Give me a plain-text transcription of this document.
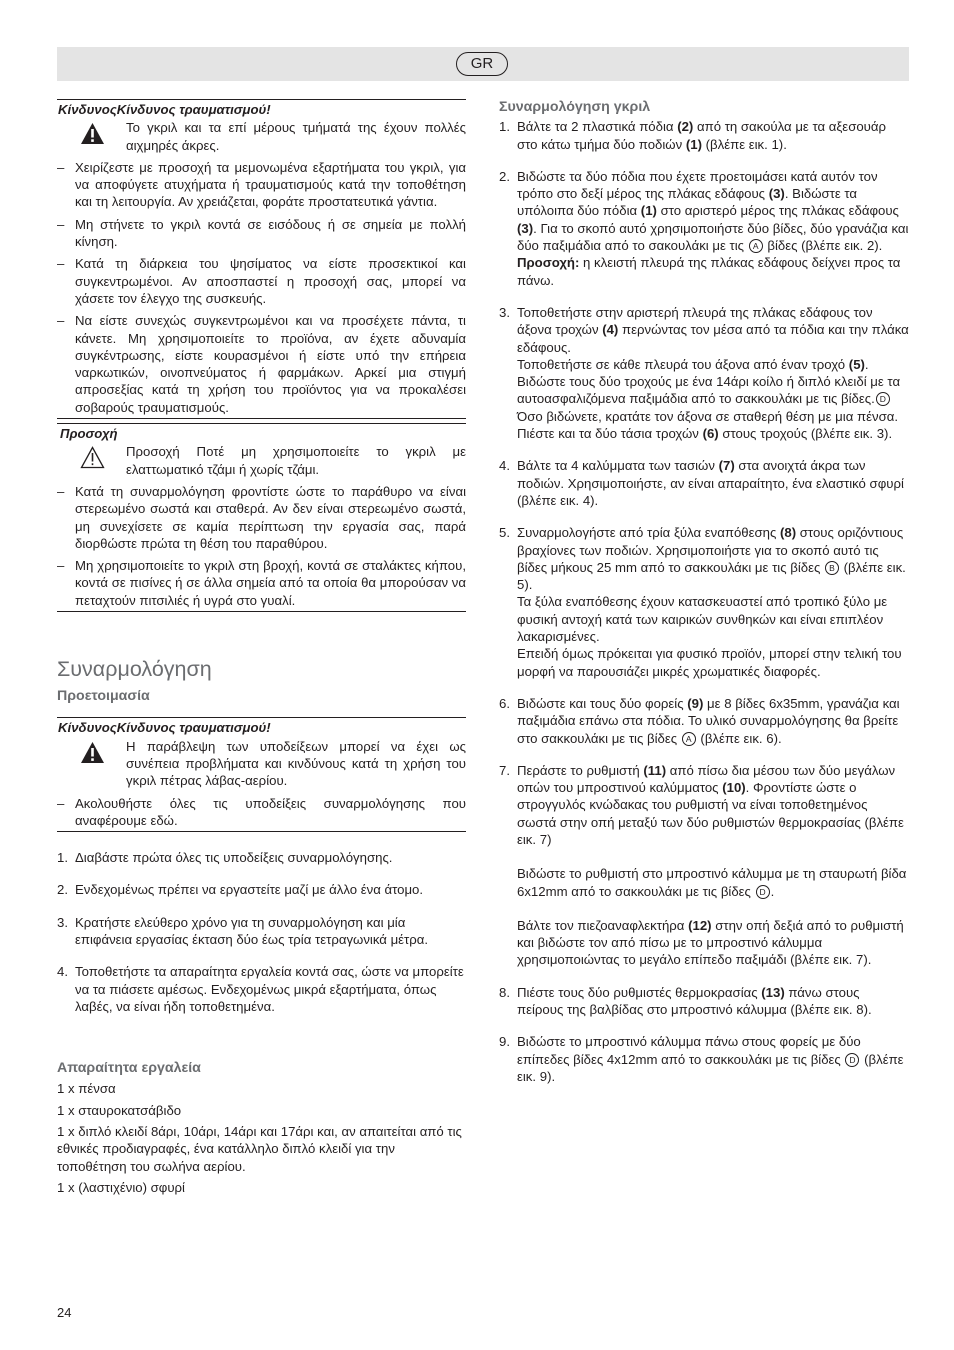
GR
ΚίνδυνοςΚίνδυνος τραυματισμού!
Το γκριλ και τα επί μέρους τμήματά της έχουν πολλές αιχμηρές άκρες.
– Χειρίζεστε με προσοχή τα μεμονωμένα εξαρτήματα του γκριλ, για να αποφύγετε ατυχήματα ή τραυματισμούς κατά την τοποθέτηση και τη λειτουργία. Αν χρειάζεται, φοράτε προστατευτικά γάντια.
– Μη στήνετε το γκριλ κοντά σε εισόδους ή σε σημεία με πολλή κίνηση.
– Κατά τη διάρκεια του ψησίματος να είστε προσεκτικοί και συγκεντρωμένοι. Αν αποσπαστεί η προσοχή σας, μπορεί να χάσετε τον έλεγχο της συσκευής.
– Να είστε συνεχώς συγκεντρωμένοι και να προσέχετε πάντα, τι κάνετε. Μη χρησιμοποιείτε το προϊόνα, αν έχετε αδυναμία συγκέντρωσης, είστε κουρασμένοι ή είστε υπό την επήρεια ναρκωτικών, οινοπνεύματος ή φαρμάκων. Αρκεί μια στιγμή απροσεξίας κατά τη χρήση του προϊόντος για να προκαλέσει σοβαρούς τραυματισμούς.
Προσοχή
Προσοχή Ποτέ μη χρησιμοποιείτε το γκριλ με ελαττωματικό τζάμι ή χωρίς τζάμι.
– Κατά τη συναρμολόγηση φροντίστε ώστε το παράθυρο να είναι στερεωμένο σωστά και σταθερά. Αν δεν είναι στερεωμένο σωστά, μη συνεχίσετε σε καμία περίπτωση την εργασία σας, παρά διορθώστε πρώτα τη θέση του παραθύρου.
– Μη χρησιμοποιείτε το γκριλ στη βροχή, κοντά σε σταλάκτες κήπου, κοντά σε πισίνες ή σε άλλα σημεία από τα οποία θα μπορούσαν να πεταχτούν πιτσιλιές ή υγρά στο γυαλί.
Συναρμολόγηση
Προετοιμασία
ΚίνδυνοςΚίνδυνος τραυματισμού!
Η παράβλεψη των υποδείξεων μπορεί να έχει ως συνέπεια προβλήματα και κινδύνους κατά τη χρήση του γκριλ πέτρας λάβας-αερίου.
– Ακολουθήστε όλες τις υποδείξεις συναρμολόγησης που αναφέρουμε εδώ.
1. Διαβάστε πρώτα όλες τις υποδείξεις συναρμολόγησης.
2. Ενδεχομένως πρέπει να εργαστείτε μαζί με άλλο ένα άτομο.
3. Κρατήστε ελεύθερο χρόνο για τη συναρμολόγηση και μία επιφάνεια εργασίας έκταση δύο έως τρία τετραγωνικά μέτρα.
4. Τοποθετήστε τα απαραίτητα εργαλεία κοντά σας, ώστε να μπορείτε να τα πιάσετε αμέσως. Ενδεχομένως μικρά εξαρτήματα, όπως λαβές, να είναι ήδη τοποθετημένα.
Απαραίτητα εργαλεία

1 x πένσα

1 x σταυροκατσάβιδο

1 x διπλό κλειδί 8άρι, 10άρι, 14άρι και 17άρι και, αν απαιτείται από τις εθνικές προδιαγραφές, ένα κατάλληλο διπλό κλειδί για την τοποθέτηση του σωλήνα αερίου.

1 x (λαστιχένιο) σφυρί

Συναρμολόγηση γκριλ
1. Βάλτε τα 2 πλαστικά πόδια (2) από τη σακούλα με τα αξεσουάρ στο κάτω τμήμα δύο ποδιών (1) (βλέπε εικ. 1).

2. Βιδώστε τα δύο πόδια που έχετε προετοιμάσει κατά αυτόν τον τρόπο στο δεξί μέρος της πλάκας εδάφους (3). Βιδώστε τα υπόλοιπα δύο πόδια (1) στο αριστερό μέρος της πλάκας εδάφους (3). Για το σκοπό αυτό χρησιμοποιήστε δύο βίδες, δύο γρανάζια και δύο παξιμάδια από το σακουλάκι με τις A βίδες (βλέπε εικ. 2).

Προσοχή: η κλειστή πλευρά της πλάκας εδάφους δείχνει προς τα πάνω.

3. Τοποθετήστε στην αριστερή πλευρά της πλάκας εδάφους τον άξονα τροχών (4) περνώντας τον μέσα από τα πόδια και την πλάκα εδάφους.

Τοποθετήστε σε κάθε πλευρά του άξονα από έναν τροχό (5).

Βιδώστε τους δύο τροχούς με ένα 14άρι κοίλο ή διπλό κλειδί με τα αυτοασφαλιζόμενα παξιμάδια από το σακκουλάκι με τις βίδες. D Όσο βιδώνετε, κρατάτε τον άξονα σε σταθερή θέση με μια πένσα.

Πιέστε και τα δύο τάσια τροχών (6) στους τροχούς (βλέπε εικ. 3).

4. Βάλτε τα 4 καλύμματα των τασιών (7) στα ανοιχτά άκρα των ποδιών. Χρησιμοποιήστε, αν είναι απαραίτητο, ένα ελαστικό σφυρί (βλέπε εικ. 4).

5. Συναρμολογήστε από τρία ξύλα εναπόθεσης (8) στους οριζόντιους βραχίονες των ποδιών. Χρησιμοποιήστε για το σκοπό αυτό τις βίδες μήκους 25 mm από το σακκουλάκι με τις βίδες B (βλέπε εικ. 5).

Τα ξύλα εναπόθεσης έχουν κατασκευαστεί από τροπικό ξύλο με φυσική αντοχή κατά των καιρικών συνθηκών και είναι επιπλέον λακαρισμένες.

Επειδή όμως πρόκειται για φυσικό προϊόν, μπορεί στην τελική του μορφή να παρουσιάζει μικρές χρωματικές διαφορές.

6. Βιδώστε και τους δύο φορείς (9) με 8 βίδες 6x35mm, γρανάζια και παξιμάδια επάνω στα πόδια. Το υλικό συναρμολόγησης θα βρείτε στο σακκουλάκι με τις βίδες A (βλέπε εικ. 6).

7. Περάστε το ρυθμιστή (11) από πίσω δια μέσου των δύο μεγάλων οπών του μπροστινού καλύμματος (10). Φροντίστε ώστε ο στρογγυλός κνώδακας του ρυθμιστή να είναι τοποθετημένος σωστά στην οπή μεταξύ των δύο ρυθμιστών θερμοκρασίας (βλέπε εικ. 7)

Βιδώστε το ρυθμιστή στο μπροστινό κάλυμμα με τη σταυρωτή βίδα 6x12mm από το σακκουλάκι με τις βίδες D .

Βάλτε τον πιεζοαναφλεκτήρα (12) στην οπή δεξιά από το ρυθμιστή και βιδώστε τον από πίσω με το μπροστινό κάλυμμα χρησιμοποιώντας το μεγάλο επίπεδο παξιμάδι (βλέπε εικ. 7).

8. Πιέστε τους δύο ρυθμιστές θερμοκρασίας (13) πάνω στους πείρους της βαλβίδας στο μπροστινό κάλυμμα (βλέπε εικ. 8).

9. Βιδώστε το μπροστινό κάλυμμα πάνω στους φορείς με δύο επίπεδες βίδες 4x12mm από το σακκουλάκι με τις βίδες D (βλέπε εικ. 9).

24
